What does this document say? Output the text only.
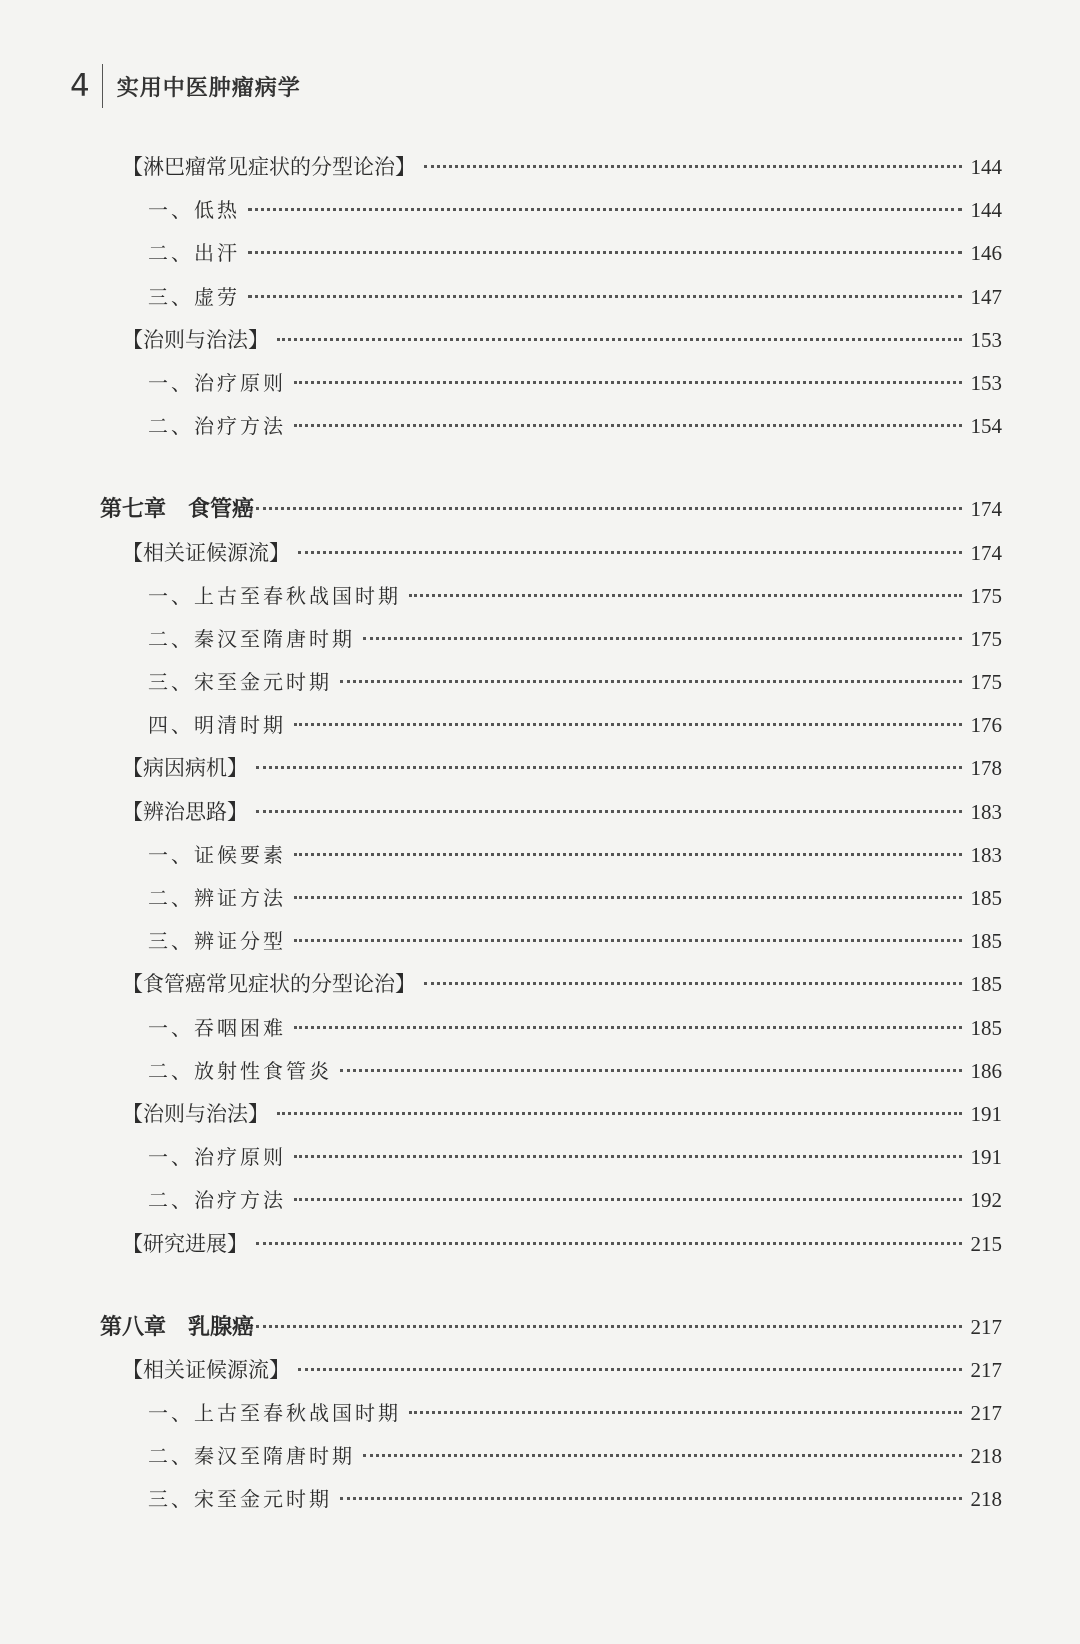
4 实用中医肿瘤病学
【淋巴瘤常见症状的分型论治】	144
一、低热	144
二、出汗	146
三、虚劳	147
【治则与治法】	153
一、治疗原则	153
二、治疗方法	154
第七章　食管癌	174
【相关证候源流】	174
一、上古至春秋战国时期	175
二、秦汉至隋唐时期	175
三、宋至金元时期	175
四、明清时期	176
【病因病机】	178
【辨治思路】	183
一、证候要素	183
二、辨证方法	185
三、辨证分型	185
【食管癌常见症状的分型论治】	185
一、吞咽困难	185
二、放射性食管炎	186
【治则与治法】	191
一、治疗原则	191
二、治疗方法	192
【研究进展】	215
第八章　乳腺癌	217
【相关证候源流】	217
一、上古至春秋战国时期	217
二、秦汉至隋唐时期	218
三、宋至金元时期	218
